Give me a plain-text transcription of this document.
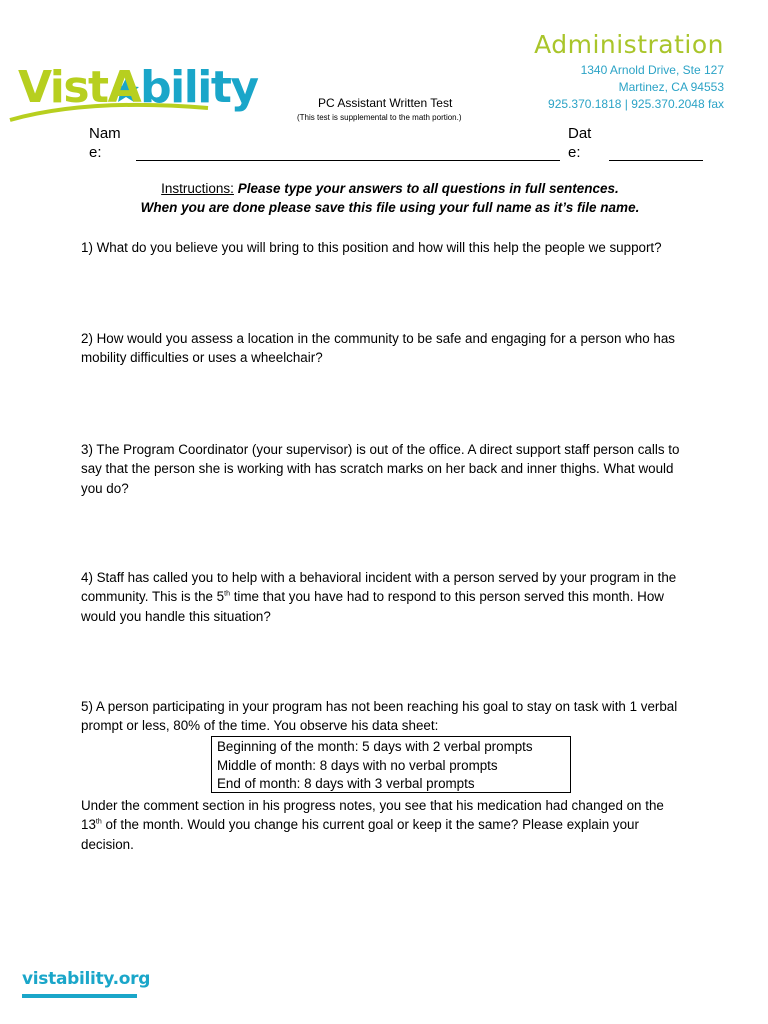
VistAbility
Administration
1340 Arnold Drive, Ste 127
Martinez, CA 94553
925.370.1818 | 925.370.2048 fax
PC Assistant Written Test
(This test is supplemental to the math portion.)
Nam
e:
Dat
e:
Instructions: Please type your answers to all questions in full sentences.
When you are done please save this file using your full name as it’s file name.
1) What do you believe you will bring to this position and how will this help the people we support?
2) How would you assess a location in the community to be safe and engaging for a person who has
mobility difficulties or uses a wheelchair?
3) The Program Coordinator (your supervisor) is out of the office. A direct support staff person calls to
say that the person she is working with has scratch marks on her back and inner thighs. What would
you do?
4) Staff has called you to help with a behavioral incident with a person served by your program in the
community. This is the 5th time that you have had to respond to this person served this month. How
would you handle this situation?
5) A person participating in your program has not been reaching his goal to stay on task with 1 verbal
prompt or less, 80% of the time. You observe his data sheet:
Beginning of the month: 5 days with 2 verbal prompts
Middle of month: 8 days with no verbal prompts
End of month: 8 days with 3 verbal prompts
Under the comment section in his progress notes, you see that his medication had changed on the
13th of the month. Would you change his current goal or keep it the same? Please explain your
decision.
vistability.org
